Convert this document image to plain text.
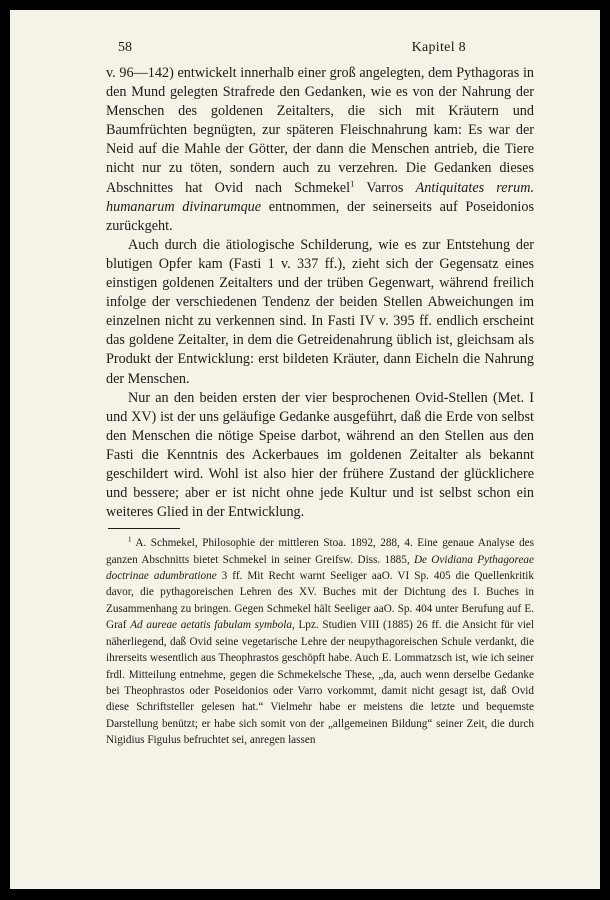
58	Kapitel 8

v. 96—142) entwickelt innerhalb einer groß angelegten, dem Pythagoras in den Mund gelegten Strafrede den Gedanken, wie es von der Nahrung der Menschen des goldenen Zeitalters, die sich mit Kräutern und Baumfrüchten begnügten, zur späteren Fleischnahrung kam: Es war der Neid auf die Mahle der Götter, der dann die Menschen antrieb, die Tiere nicht nur zu töten, sondern auch zu verzehren. Die Gedanken dieses Abschnittes hat Ovid nach Schmekel$^1$ Varros Antiquitates rerum. humanarum divinarumque entnommen, der seinerseits auf Poseidonios zurückgeht.

Auch durch die ätiologische Schilderung, wie es zur Entstehung der blutigen Opfer kam (Fasti 1 v. 337 ff.), zieht sich der Gegensatz eines einstigen goldenen Zeitalters und der trüben Gegenwart, während freilich infolge der verschiedenen Tendenz der beiden Stellen Abweichungen im einzelnen nicht zu verkennen sind. In Fasti IV v. 395 ff. endlich erscheint das goldene Zeitalter, in dem die Getreidenahrung üblich ist, gleichsam als Produkt der Entwicklung: erst bildeten Kräuter, dann Eicheln die Nahrung der Menschen.

Nur an den beiden ersten der vier besprochenen Ovid-Stellen (Met. I und XV) ist der uns geläufige Gedanke ausgeführt, daß die Erde von selbst den Menschen die nötige Speise darbot, während an den Stellen aus den Fasti die Kenntnis des Ackerbaues im goldenen Zeitalter als bekannt geschildert wird. Wohl ist also hier der frühere Zustand der glücklichere und bessere; aber er ist nicht ohne jede Kultur und ist selbst schon ein weiteres Glied in der Entwicklung.

$^1$ A. Schmekel, Philosophie der mittleren Stoa. 1892, 288, 4. Eine genaue Analyse des ganzen Abschnitts bietet Schmekel in seiner Greifsw. Diss. 1885, De Ovidiana Pythagoreae doctrinae adumbratione 3 ff. Mit Recht warnt Seeliger aaO. VI Sp. 405 die Quellenkritik davor, die pythagoreischen Lehren des XV. Buches mit der Dichtung des I. Buches in Zusammenhang zu bringen. Gegen Schmekel hält Seeliger aaO. Sp. 404 unter Berufung auf E. Graf Ad aureae aetatis fabulam symbola, Lpz. Studien VIII (1885) 26 ff. die Ansicht für viel näherliegend, daß Ovid seine vegetarische Lehre der neupythagoreischen Schule verdankt, die ihrerseits wesentlich aus Theophrastos geschöpft habe. Auch E. Lommatzsch ist, wie ich seiner frdl. Mitteilung entnehme, gegen die Schmekelsche These, „da, auch wenn derselbe Gedanke bei Theophrastos oder Poseidonios oder Varro vorkommt, damit nicht gesagt ist, daß Ovid diese Schriftsteller gelesen hat.“ Vielmehr habe er meistens die letzte und bequemste Darstellung benützt; er habe sich somit von der „allgemeinen Bildung“ seiner Zeit, die durch Nigidius Figulus befruchtet sei, anregen lassen
